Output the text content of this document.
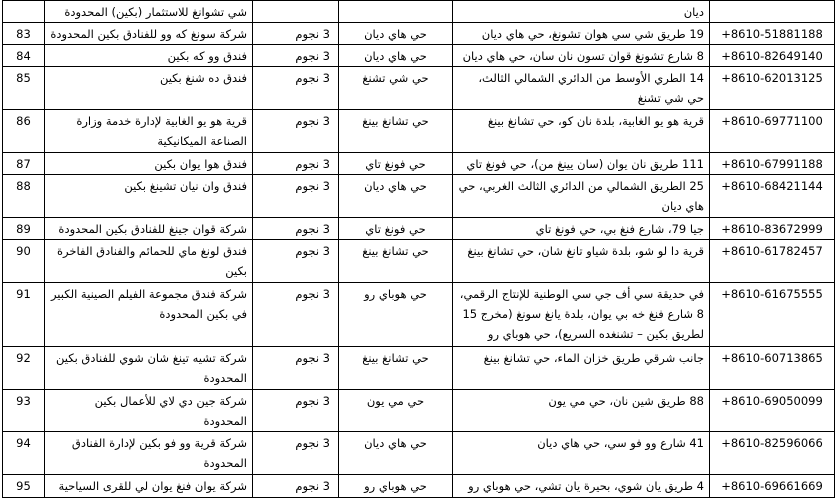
	شي تشوانغ للاستثمار (بكين) المحدودة			ديان	
83	شركة سونغ كه وو للفنادق بكين المحدودة	3 نجوم	حي هاي ديان	19 طريق شي سي هوان تشونغ، حي هاي ديان	+8610-51881188
84	فندق وو كه بكين	3 نجوم	حي هاي ديان	8 شارع تشونغ قوان تسون نان سان، حي هاي ديان	+8610-82649140
85	فندق ده شنغ بكين	3 نجوم	حي شي تشنغ	14 الطري الأوسط من الدائري الشمالي الثالث، حي شي تشنغ	+8610-62013125
86	قرية هو يو الغابية لإدارة خدمة وزارة الصناعة الميكانيكية	3 نجوم	حي تشانغ بينغ	قرية هو يو الغابية، بلدة نان كو، حي تشانغ بينغ	+8610-69771100
87	فندق هوا يوان بكين	3 نجوم	حي فونغ تاي	111 طريق نان يوان (سان يينغ من)، حي فونغ تاي	+8610-67991188
88	فندق وان نيان تشينغ بكين	3 نجوم	حي هاي ديان	25 الطريق الشمالي من الدائري الثالث الغربي، حي هاي ديان	+8610-68421144
89	شركة قوان جينغ للفنادق بكين المحدودة	3 نجوم	حي فونغ تاي	جيا 79، شارع فنغ بي، حي فونغ تاي	+8610-83672999
90	فندق لونغ ماي للحمائم والفنادق الفاخرة بكين	3 نجوم	حي تشانغ بينغ	قرية دا لو شو، بلدة شياو تانغ شان، حي تشانغ بينغ	+8610-61782457
91	شركة فندق مجموعة الفيلم الصينية الكبير في بكين المحدودة	3 نجوم	حي هوباي رو	في حديقة سي أف جي سي الوطنية للإنتاج الرقمي، 8 شارع فنغ خه بي يوان، بلدة يانغ سونغ (مخرج 15 لطريق بكين – تشنغده السريع)، حي هوباي رو	+8610-61675555
92	شركة تشيه تينغ شان شوي للفنادق بكين المحدودة	3 نجوم	حي تشانغ بينغ	جانب شرقي طريق خزان الماء، حي تشانغ بينغ	+8610-60713865
93	شركة جين دي لاي للأعمال بكين المحدودة	3 نجوم	حي مي يون	88 طريق شين نان، حي مي يون	+8610-69050099
94	شركة قرية وو فو بكين لإدارة الفنادق المحدودة	3 نجوم	حي هاي ديان	41 شارع وو فو سي، حي هاي ديان	+8610-82596066
95	شركة يوان فنغ يوان لي للقرى السياحية	3 نجوم	حي هوباي رو	4 طريق يان شوي، بحيرة يان تشي، حي هوباي رو	+8610-69661669
